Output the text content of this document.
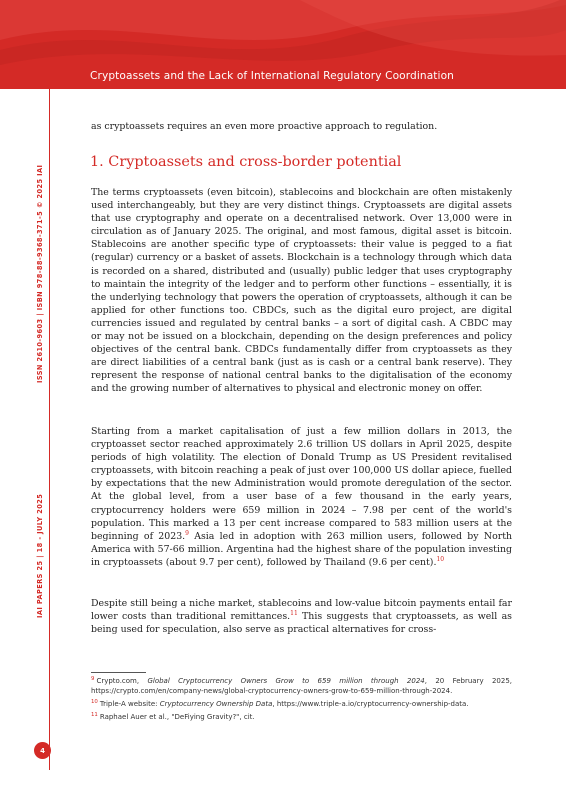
Cryptoassets and the Lack of International Regulatory Coordination
IAI PAPERS 25 | 18 - JULY 2025
ISSN 2610-9603 | ISBN 978-88-9368-371-5 © 2025 IAI
4
as cryptoassets requires an even more proactive approach to regulation.
1. Cryptoassets and cross-border potential

The terms cryptoassets (even bitcoin), stablecoins and blockchain are often mistakenly used interchangeably, but they are very distinct things. Cryptoassets are digital assets that use cryptography and operate on a decentralised network. Over 13,000 were in circulation as of January 2025. The original, and most famous, digital asset is bitcoin. Stablecoins are another specific type of cryptoassets: their value is pegged to a fiat (regular) currency or a basket of assets. Blockchain is a technology through which data is recorded on a shared, distributed and (usually) public ledger that uses cryptography to maintain the integrity of the ledger and to perform other functions – essentially, it is the underlying technology that powers the operation of cryptoassets, although it can be applied for other functions too. CBDCs, such as the digital euro project, are digital currencies issued and regulated by central banks – a sort of digital cash. A CBDC may or may not be issued on a blockchain, depending on the design preferences and policy objectives of the central bank. CBDCs fundamentally differ from cryptoassets as they are direct liabilities of a central bank (just as is cash or a central bank reserve). They represent the response of national central banks to the digitalisation of the economy and the growing number of alternatives to physical and electronic money on offer.

Starting from a market capitalisation of just a few million dollars in 2013, the cryptoasset sector reached approximately 2.6 trillion US dollars in April 2025, despite periods of high volatility. The election of Donald Trump as US President revitalised cryptoassets, with bitcoin reaching a peak of just over 100,000 US dollar apiece, fuelled by expectations that the new Administration would promote deregulation of the sector. At the global level, from a user base of a few thousand in the early years, cryptocurrency holders were 659 million in 2024 – 7.98 per cent of the world's population. This marked a 13 per cent increase compared to 583 million users at the beginning of 2023.$^9$ Asia led in adoption with 263 million users, followed by North America with 57-66 million. Argentina had the highest share of the population investing in cryptoassets (about 9.7 per cent), followed by Thailand (9.6 per cent).$^{10}$

Despite still being a niche market, stablecoins and low-value bitcoin payments entail far lower costs than traditional remittances.$^{11}$ This suggests that cryptoassets, as well as being used for speculation, also serve as practical alternatives for cross-

$^9$ Crypto.com, Global Cryptocurrency Owners Grow to 659 million through 2024, 20 February 2025, https://crypto.com/en/company-news/global-cryptocurrency-owners-grow-to-659-million-through-2024.

$^{10}$ Triple-A website: Cryptocurrency Ownership Data, https://www.triple-a.io/cryptocurrency-ownership-data.

$^{11}$ Raphael Auer et al., "DeFiying Gravity?", cit.
